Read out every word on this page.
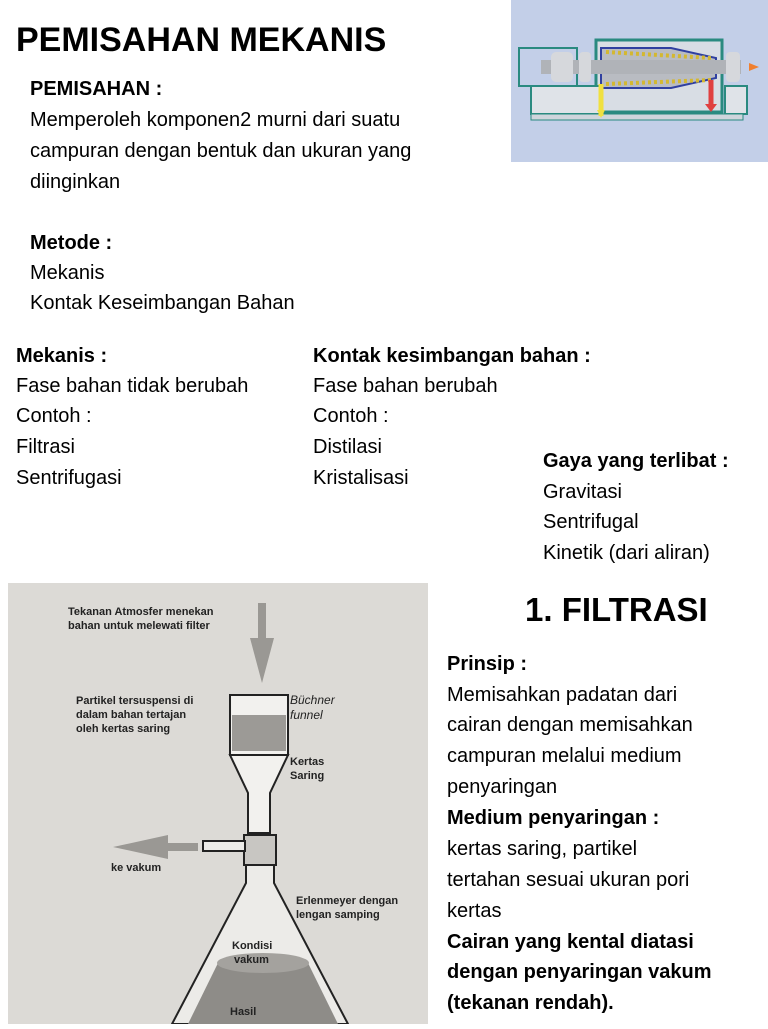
PEMISAHAN MEKANIS
PEMISAHAN :
Memperoleh komponen2 murni dari suatu
campuran dengan bentuk dan ukuran yang
diinginkan
Metode :
Mekanis
Kontak Keseimbangan Bahan
Mekanis :
Fase bahan tidak berubah
Contoh :
Filtrasi
Sentrifugasi
Kontak kesimbangan bahan :
Fase bahan berubah
Contoh :
Distilasi
Kristalisasi
Gaya yang terlibat :
Gravitasi
Sentrifugal
Kinetik (dari aliran)
Tekanan Atmosfer menekan
bahan untuk melewati filter
Partikel tersuspensi di
dalam bahan tertajan
oleh kertas saring
Büchner
funnel
Kertas
Saring
ke vakum
Erlenmeyer dengan
lengan samping
Kondisi
vakum
Hasil
1. FILTRASI
Prinsip :
Memisahkan padatan dari
cairan dengan memisahkan
campuran melalui medium
penyaringan
Medium penyaringan :
kertas saring, partikel
tertahan sesuai ukuran pori
kertas
Cairan yang kental diatasi
dengan penyaringan vakum
(tekanan rendah).
